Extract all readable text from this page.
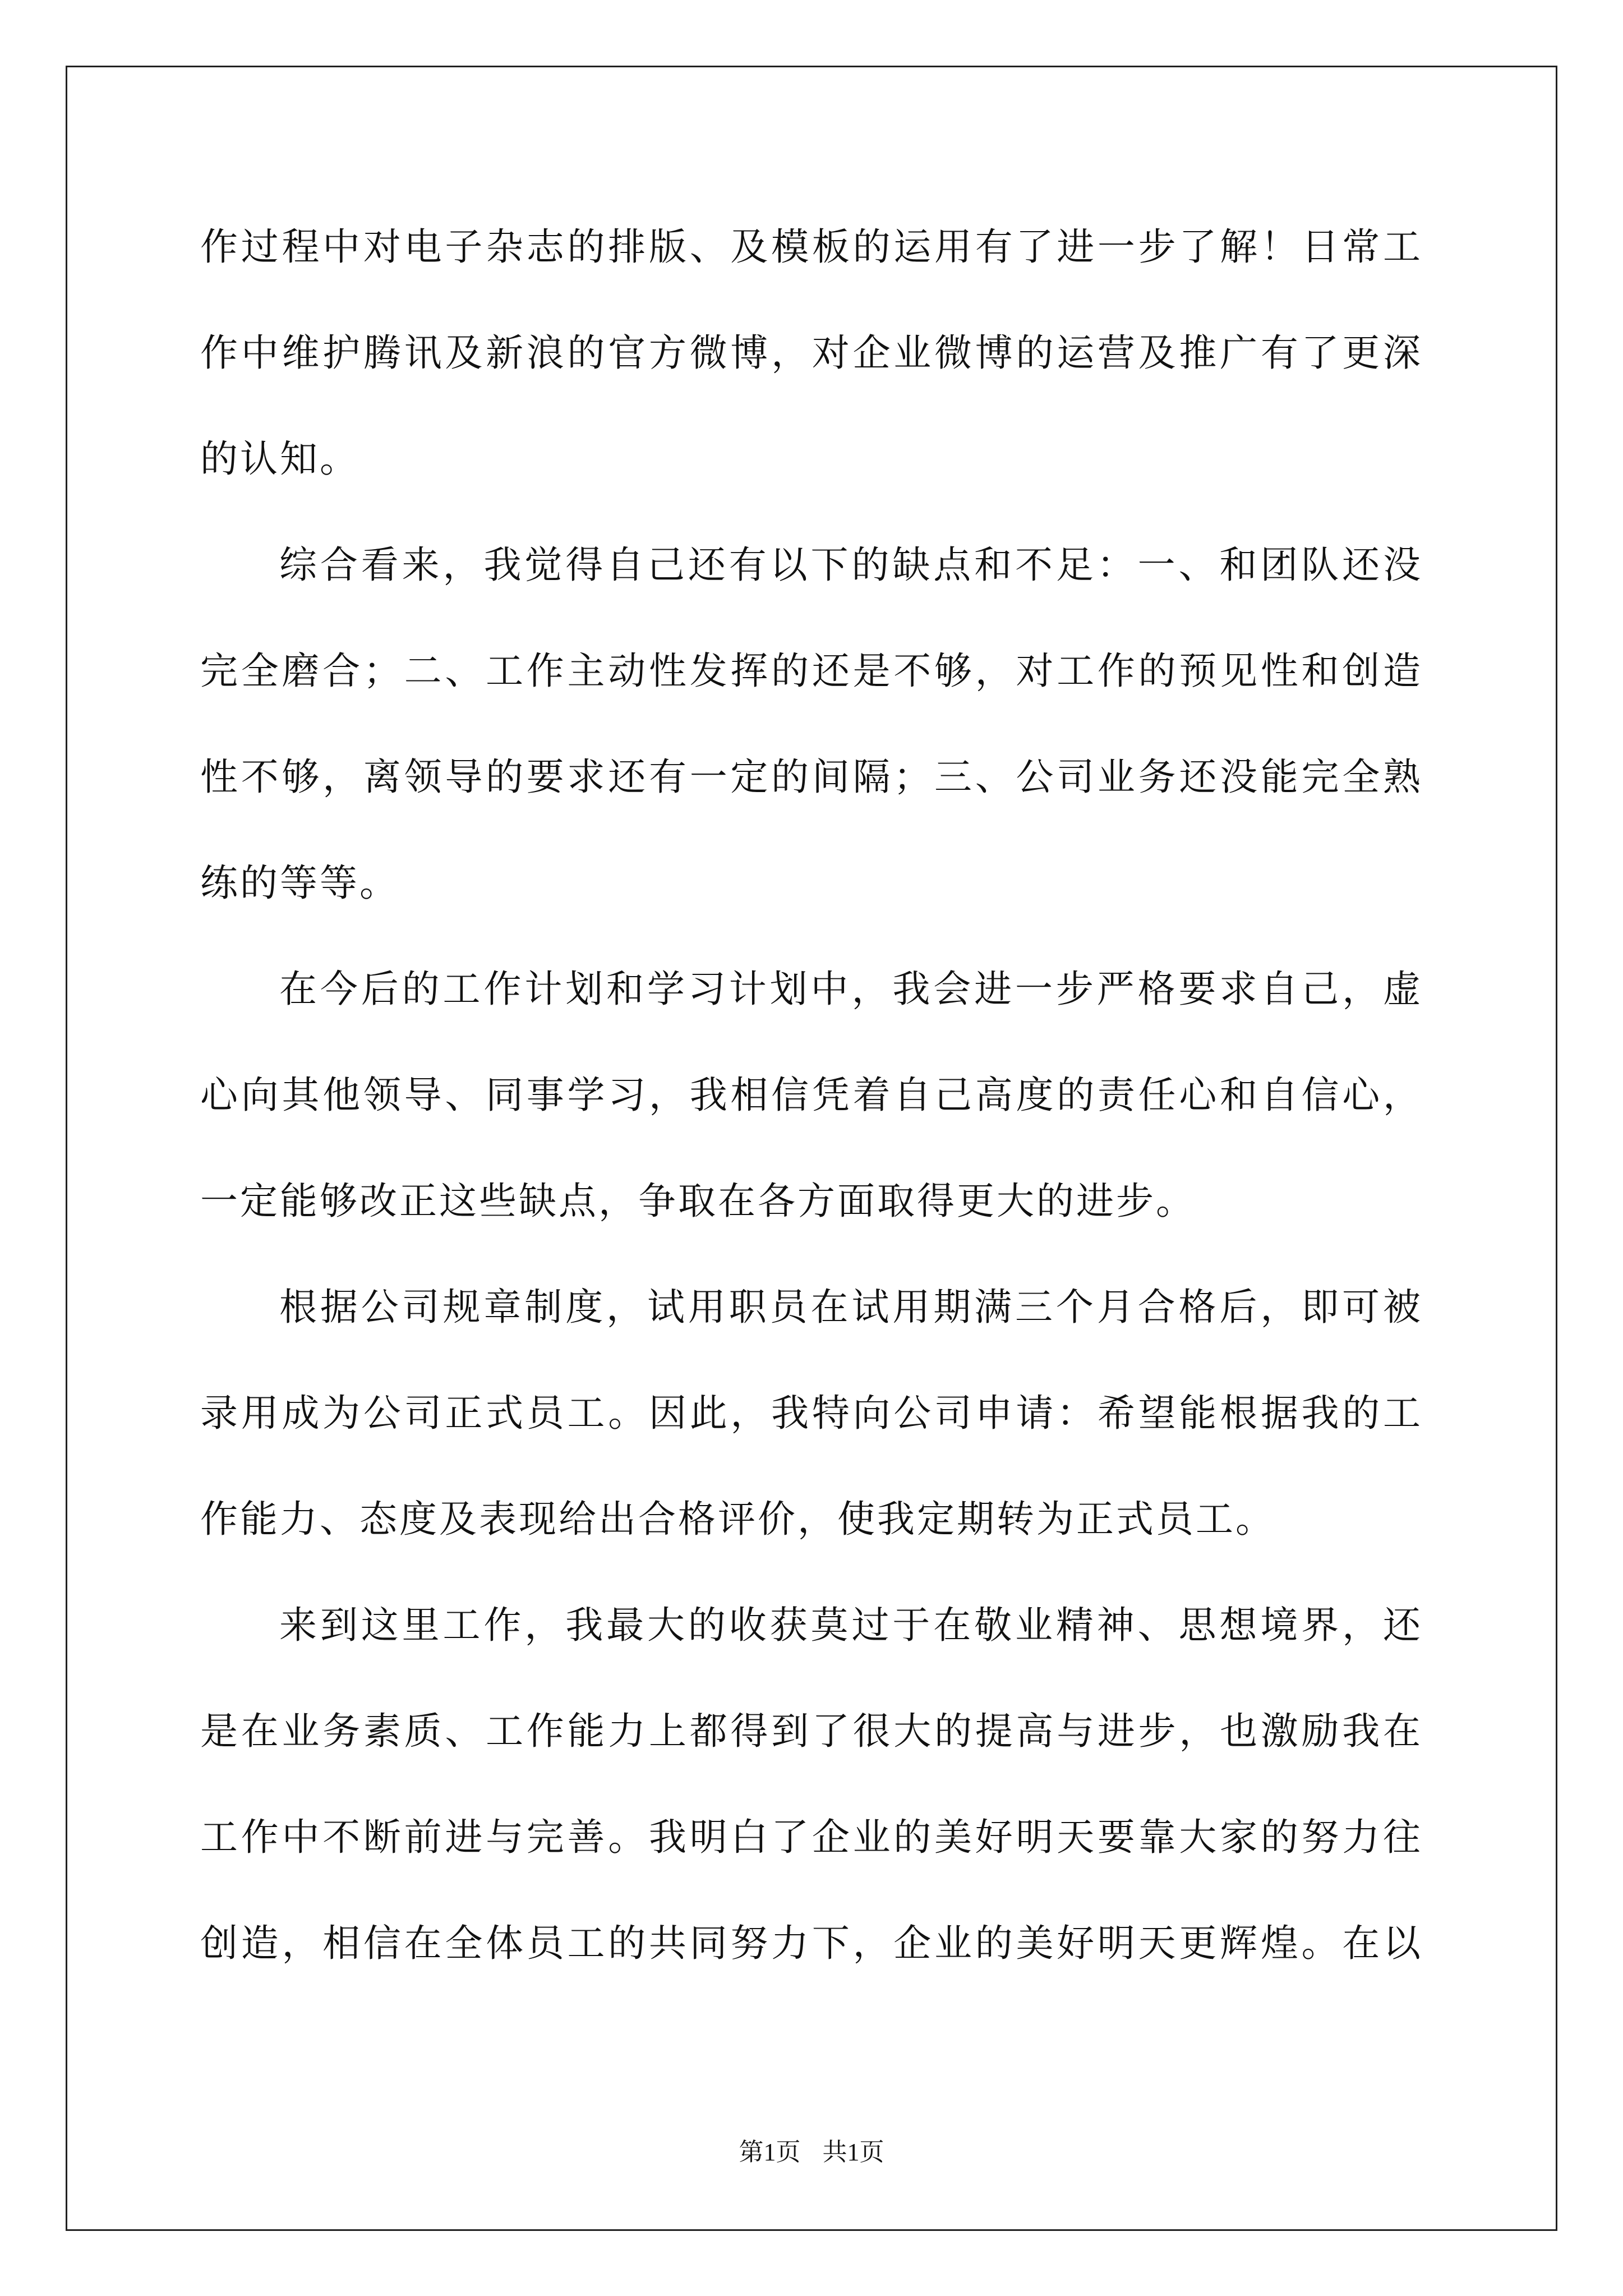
作过程中对电子杂志的排版、及模板的运用有了进一步了解！日常工

作中维护腾讯及新浪的官方微博，对企业微博的运营及推广有了更深

的认知。

综合看来，我觉得自己还有以下的缺点和不足：一、和团队还没

完全磨合；二、工作主动性发挥的还是不够，对工作的预见性和创造

性不够，离领导的要求还有一定的间隔；三、公司业务还没能完全熟

练的等等。

在今后的工作计划和学习计划中，我会进一步严格要求自己，虚

心向其他领导、同事学习，我相信凭着自己高度的责任心和自信心，

一定能够改正这些缺点，争取在各方面取得更大的进步。

根据公司规章制度，试用职员在试用期满三个月合格后，即可被

录用成为公司正式员工。因此，我特向公司申请：希望能根据我的工

作能力、态度及表现给出合格评价，使我定期转为正式员工。

来到这里工作，我最大的收获莫过于在敬业精神、思想境界，还

是在业务素质、工作能力上都得到了很大的提高与进步，也激励我在

工作中不断前进与完善。我明白了企业的美好明天要靠大家的努力往

创造，相信在全体员工的共同努力下，企业的美好明天更辉煌。在以

第1页 共1页
